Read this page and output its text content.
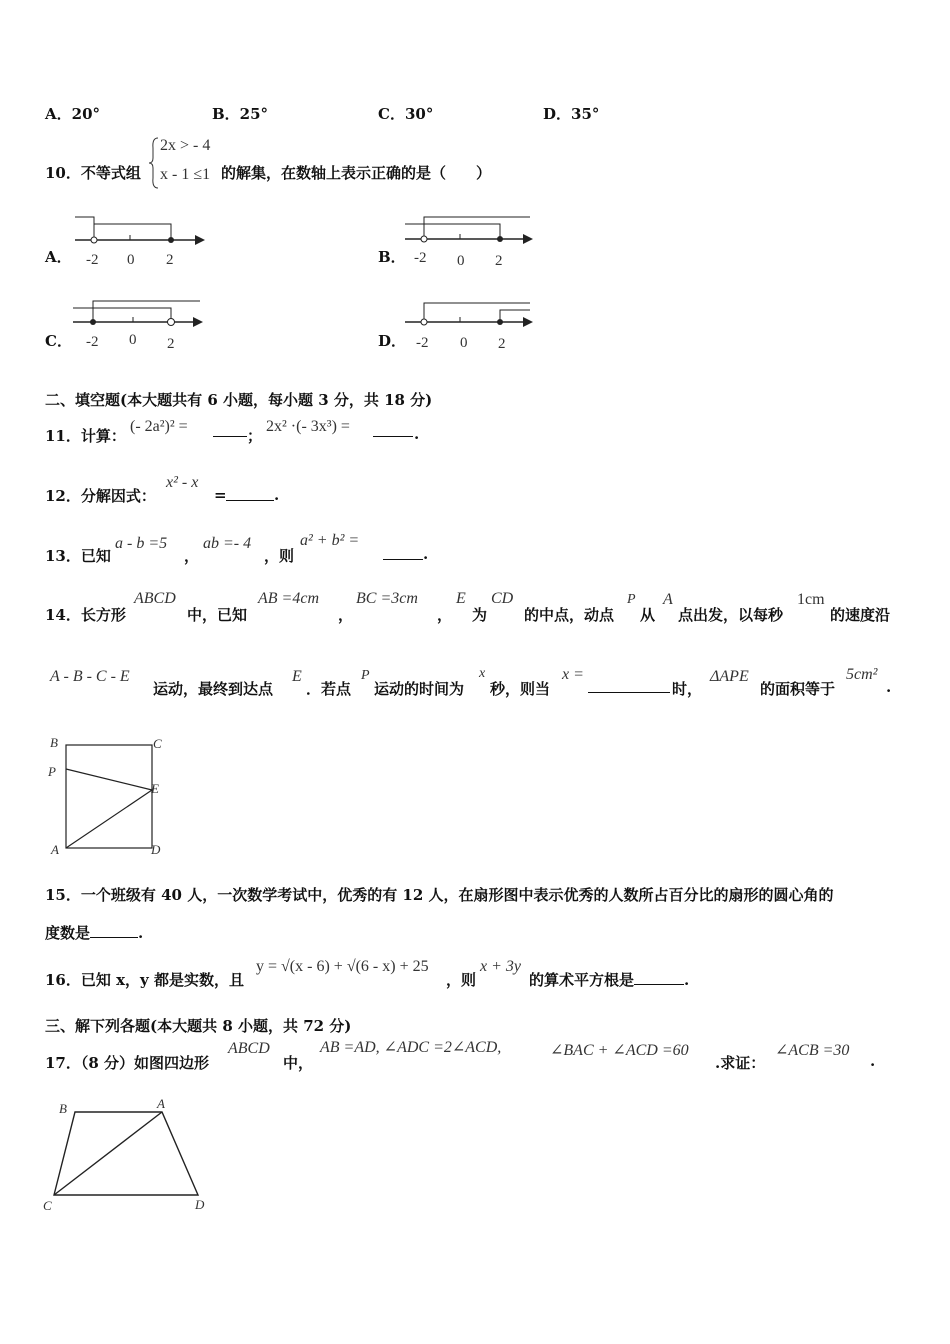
A．20°	B．25°	C．30°	D．35°
10．不等式组
2x > - 4
x - 1 ≤1 的解集，在数轴上表示正确的是（　　）
A． -2 0 2	B． -2 0 2
C． -2 0 2	D． -2 0 2
二、填空题(本大题共有 6 小题，每小题 3 分，共 18 分)
11．计算：
(- 2a²)² =
；
2x² ·(- 3x³) =	.
12．分解因式：
x² - x
=	.
13．已知
a - b =5
，
ab =- 4
，则
a² + b² =
.
14．长方形
ABCD
中，已知
AB =4cm
，
BC =3cm
，
E
为
CD
的中点，动点
P
从
A
点出发，以每秒
1cm
的速度沿
A - B - C - E
运动，最终到达点
E
．若点
P
运动的时间为
x
秒，则当
x =
时，
ΔAPE
的面积等于
5cm²
.
B	C
P
E
A	D
15．一个班级有 40 人，一次数学考试中，优秀的有 12 人，在扇形图中表示优秀的人数所占百分比的扇形的圆心角的
度数是	.
16．已知 x，y 都是实数，且
y = √(x - 6) + √(6 - x) + 25
，则
x + 3y
的算术平方根是	.
三、解下列各题(本大题共 8 小题，共 72 分)
17．（8 分）如图四边形
ABCD
中，
AB =AD, ∠ADC =2∠ACD,	∠BAC + ∠ACD =60
.求证：
∠ACB =30
.
B	A
C	D
